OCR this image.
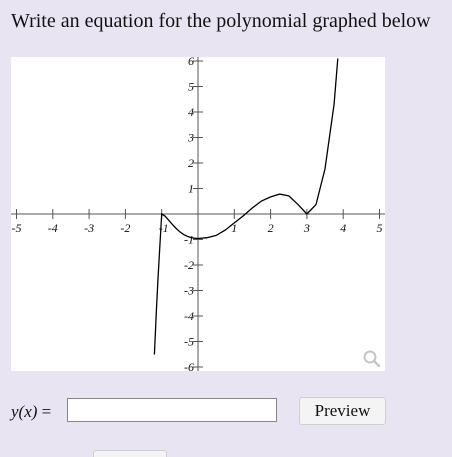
Write an equation for the polynomial graphed below
-5 -4 -3 -2 -1	1	2	3	4	5
6
5
4
3
2
1
-1
-2
-3
-4
-5
-6
y(x) =	Preview
